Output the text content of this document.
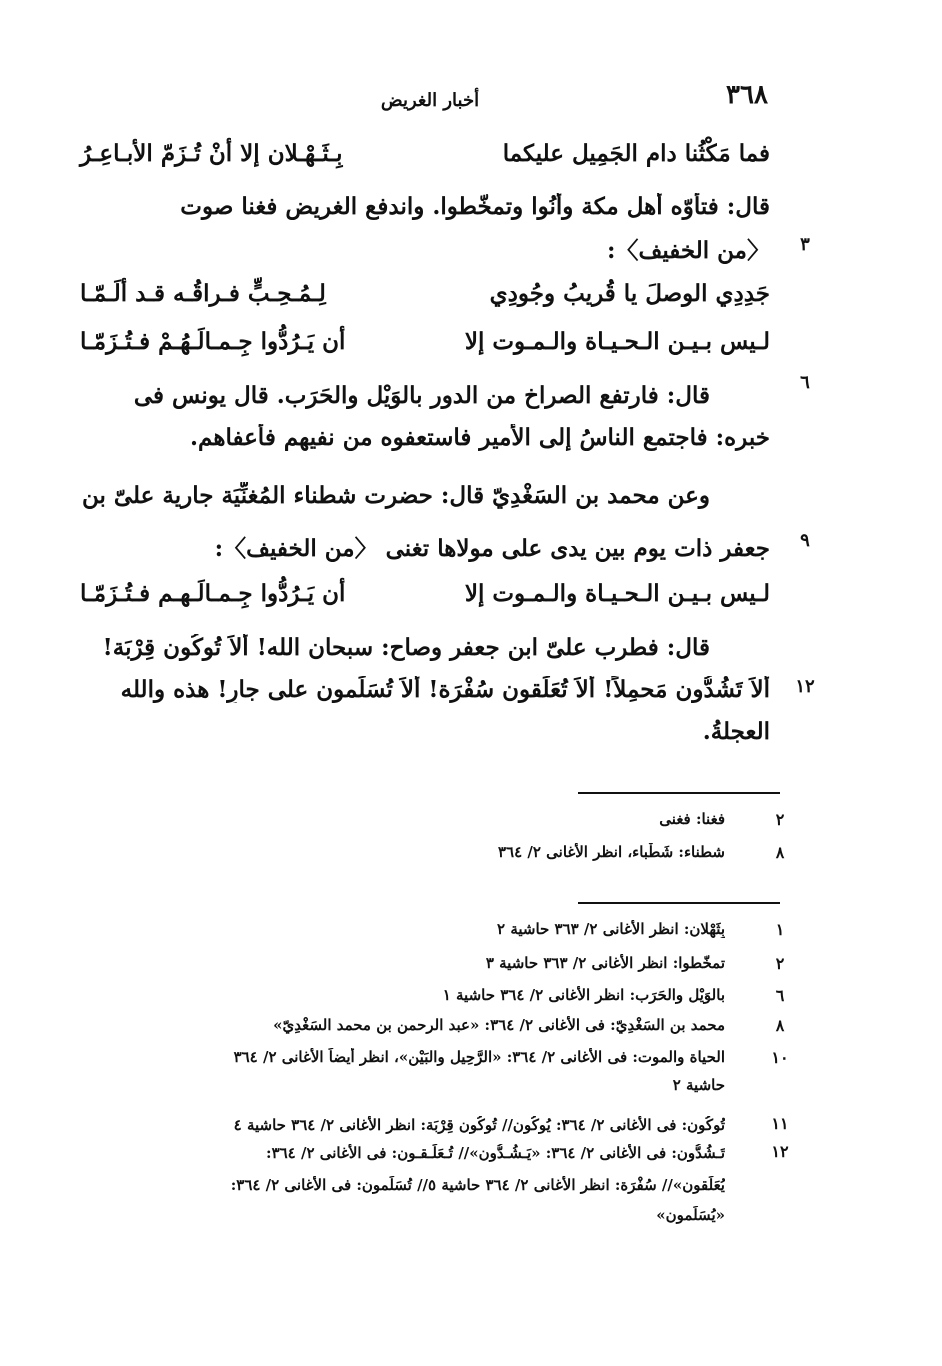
٣٦٨
أخبار الغريض
فما مَكْثُنا دام الجَمِيل عليكما
بِـثَـهْـلان إلا أنْ تُـزَمّ الأبـاعِـرُ
قال: فتأوّه أهل مكة وأنُوا وتمخّطوا. واندفع الغريض فغنا صوت
٣
〈من الخفيف〉:
جَدِدِي الوصلَ يا قُريبُ وجُودِي
لِـمُـحِـبٍّ فـراقُـه قـد ألَـمّـا
لـيس بـيـن الـحـيـاة والـمـوت إلا
أن يَـرُدُّوا جِـمـالَـهُـمْ فـتُـزَمّـا
٦
قال: فارتفع الصراخ من الدور بالوَيْل والحَرَب. قال يونس فى
خبره: فاجتمع الناسُ إلى الأمير فاستعفوه من نفيهم فأعفاهم.
وعن محمد بن السَغْدِيّ قال: حضرت شطناء المُغنِّيَة جارية علىّ بن
٩
جعفر ذات يوم بين يدى على مولاها تغنى 〈من الخفيف〉:
لـيس بـيـن الـحـيـاة والـمـوت إلا
أن يَـرُدُّوا جِـمـالَـهـم فـتُـزَمّـا
قال: فطرب علىّ ابن جعفر وصاح: سبحان الله! ألاَ تُوكُون قِرْبَة!
١٢
ألاَ تَشُدُّون مَحمِلاً! ألاَ تُعَلِّقون سُفْرَة! ألاَ تُسَلِّمون على جارٍ! هذه والله
العجلةُ.
٢
فغنا: فغنى
٨
شطناء: شَطْباء، انظر الأغانى ٢/ ٣٦٤
١
بِثَهْلان: انظر الأغانى ٢/ ٣٦٣ حاشية ٢
٢
تمخّطوا: انظر الأغانى ٢/ ٣٦٣ حاشية ٣
٦
بالوَيْل والحَرَب: انظر الأغانى ٢/ ٣٦٤ حاشية ١
٨
محمد بن السَغْدِيّ: فى الأغانى ٢/ ٣٦٤: «عبد الرحمن بن محمد السَغْدِيّ»
١٠
الحياة والموت: فى الأغانى ٢/ ٣٦٤: «الرَّحِيل والبَيْنِ»، انظر أيضاً الأغانى ٢/ ٣٦٤
حاشية ٢
١١
تُوكُون: فى الأغانى ٢/ ٣٦٤: يُوكُون// تُوكُون قِرْبَة: انظر الأغانى ٢/ ٣٦٤ حاشية ٤
١٢
تَـشُدُّون: فى الأغانى ٢/ ٣٦٤: «يَـشُـدُّون»// تُـعَلِّـقـون: فى الأغانى ٢/ ٣٦٤:
يُعَلِّقون»// سُفْرَة: انظر الأغانى ٢/ ٣٦٤ حاشية ٥// تُسَلِّمون: فى الأغانى ٢/ ٣٦٤:
«يُسَلِّمون»
